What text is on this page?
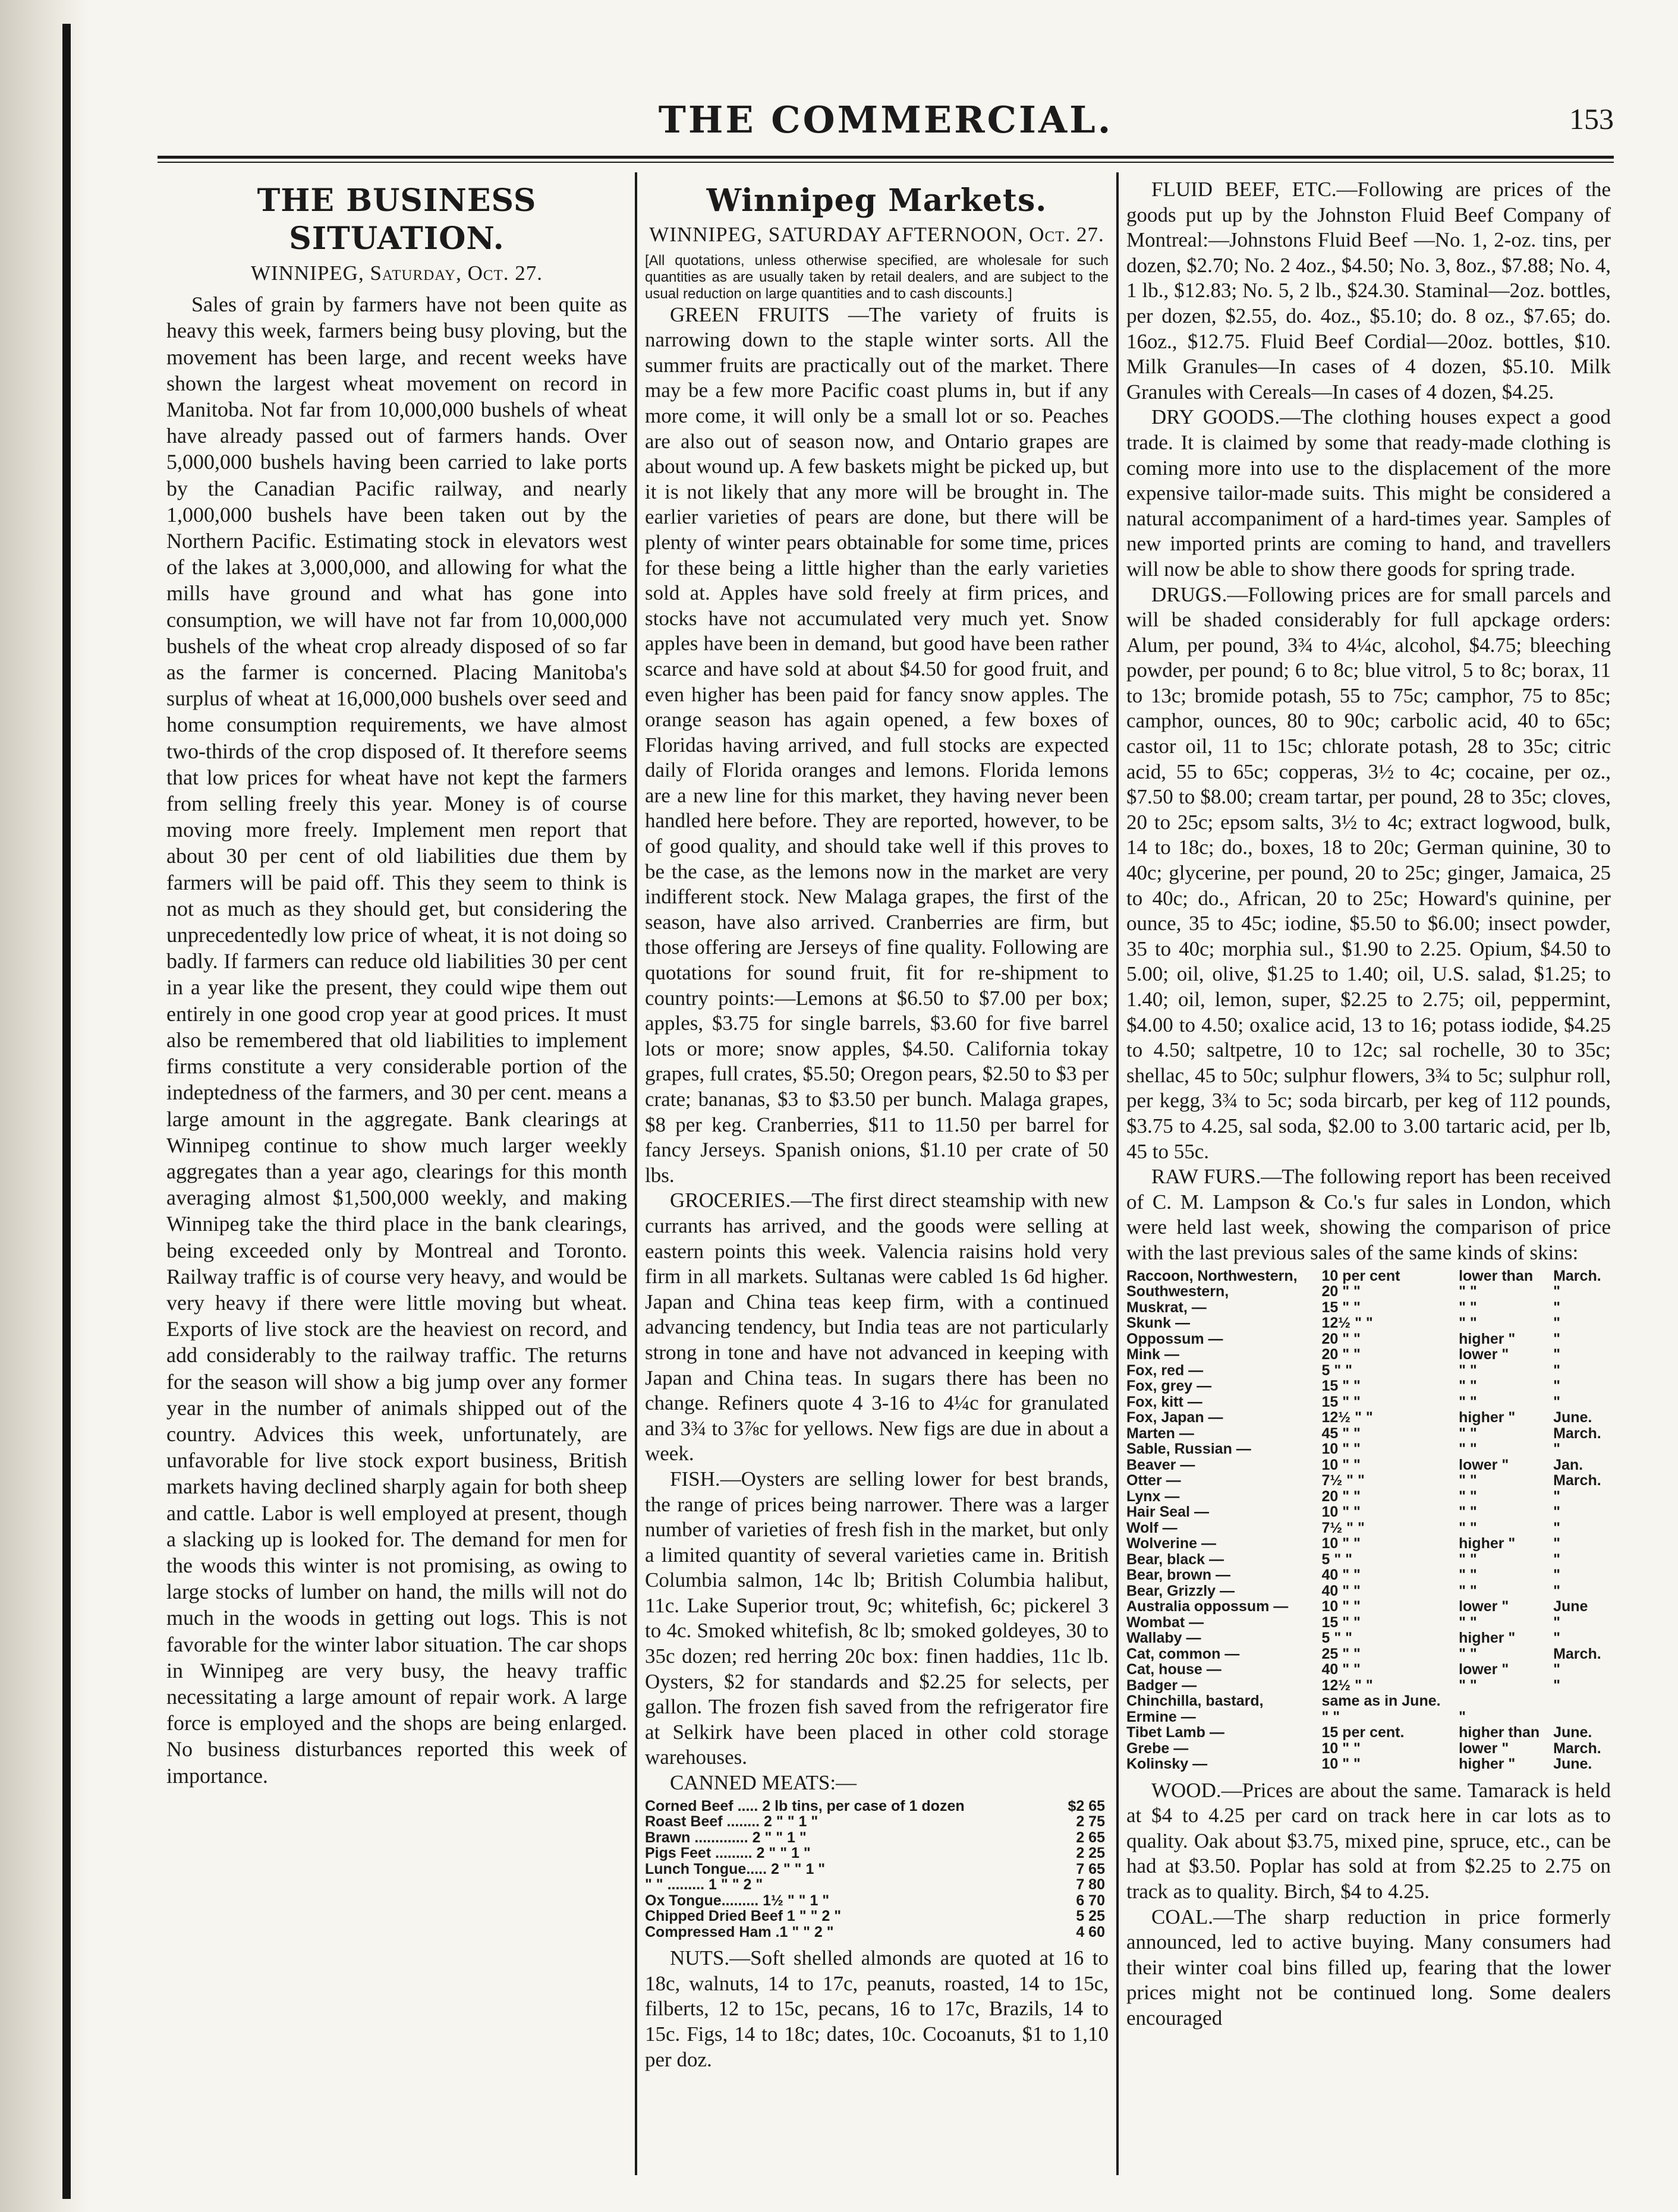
THE COMMERCIAL.	153
THE BUSINESS SITUATION.
WINNIPEG, Saturday, Oct. 27.

Sales of grain by farmers have not been quite as heavy this week, farmers being busy ploving, but the movement has been large, and recent weeks have shown the largest wheat movement on record in Manitoba. Not far from 10,000,000 bushels of wheat have already passed out of farmers hands. Over 5,000,000 bushels having been carried to lake ports by the Canadian Pacific railway, and nearly 1,000,000 bushels have been taken out by the Northern Pacific. Estimating stock in elevators west of the lakes at 3,000,000, and allowing for what the mills have ground and what has gone into consumption, we will have not far from 10,000,000 bushels of the wheat crop already disposed of so far as the farmer is concerned. Placing Manitoba's surplus of wheat at 16,000,000 bushels over seed and home consumption requirements, we have almost two-thirds of the crop disposed of. It therefore seems that low prices for wheat have not kept the farmers from selling freely this year. Money is of course moving more freely. Implement men report that about 30 per cent of old liabilities due them by farmers will be paid off. This they seem to think is not as much as they should get, but considering the unprecedentedly low price of wheat, it is not doing so badly. If farmers can reduce old liabilities 30 per cent in a year like the present, they could wipe them out entirely in one good crop year at good prices. It must also be remembered that old liabilities to implement firms constitute a very considerable portion of the indeptedness of the farmers, and 30 per cent. means a large amount in the aggregate. Bank clearings at Winnipeg continue to show much larger weekly aggregates than a year ago, clearings for this month averaging almost $1,500,000 weekly, and making Winnipeg take the third place in the bank clearings, being exceeded only by Montreal and Toronto. Railway traffic is of course very heavy, and would be very heavy if there were little moving but wheat. Exports of live stock are the heaviest on record, and add considerably to the railway traffic. The returns for the season will show a big jump over any former year in the number of animals shipped out of the country. Advices this week, unfortunately, are unfavorable for live stock export business, British markets having declined sharply again for both sheep and cattle. Labor is well employed at present, though a slacking up is looked for. The demand for men for the woods this winter is not promising, as owing to large stocks of lumber on hand, the mills will not do much in the woods in getting out logs. This is not favorable for the winter labor situation. The car shops in Winnipeg are very busy, the heavy traffic necessitating a large amount of repair work. A large force is employed and the shops are being enlarged. No business disturbances reported this week of importance.

Winnipeg Markets.
WINNIPEG, SATURDAY AFTERNOON, Oct. 27.

[All quotations, unless otherwise specified, are wholesale for such quantities as are usually taken by retail dealers, and are subject to the usual reduction on large quantities and to cash discounts.]

GREEN FRUITS —The variety of fruits is narrowing down to the staple winter sorts. All the summer fruits are practically out of the market. There may be a few more Pacific coast plums in, but if any more come, it will only be a small lot or so. Peaches are also out of season now, and Ontario grapes are about wound up. A few baskets might be picked up, but it is not likely that any more will be brought in. The earlier varieties of pears are done, but there will be plenty of winter pears obtainable for some time, prices for these being a little higher than the early varieties sold at. Apples have sold freely at firm prices, and stocks have not accumulated very much yet. Snow apples have been in demand, but good have been rather scarce and have sold at about $4.50 for good fruit, and even higher has been paid for fancy snow apples. The orange season has again opened, a few boxes of Floridas having arrived, and full stocks are expected daily of Florida oranges and lemons. Florida lemons are a new line for this market, they having never been handled here before. They are reported, however, to be of good quality, and should take well if this proves to be the case, as the lemons now in the market are very indifferent stock. New Malaga grapes, the first of the season, have also arrived. Cranberries are firm, but those offering are Jerseys of fine quality. Following are quotations for sound fruit, fit for re-shipment to country points:—Lemons at $6.50 to $7.00 per box; apples, $3.75 for single barrels, $3.60 for five barrel lots or more; snow apples, $4.50. California tokay grapes, full crates, $5.50; Oregon pears, $2.50 to $3 per crate; bananas, $3 to $3.50 per bunch. Malaga grapes, $8 per keg. Cranberries, $11 to 11.50 per barrel for fancy Jerseys. Spanish onions, $1.10 per crate of 50 lbs.

GROCERIES.—The first direct steamship with new currants has arrived, and the goods were selling at eastern points this week. Valencia raisins hold very firm in all markets. Sultanas were cabled 1s 6d higher. Japan and China teas keep firm, with a continued advancing tendency, but India teas are not particularly strong in tone and have not advanced in keeping with Japan and China teas. In sugars there has been no change. Refiners quote 4 3-16 to 4¼c for granulated and 3¾ to 3⅞c for yellows. New figs are due in about a week.

FISH.—Oysters are selling lower for best brands, the range of prices being narrower. There was a larger number of varieties of fresh fish in the market, but only a limited quantity of several varieties came in. British Columbia salmon, 14c lb; British Columbia halibut, 11c. Lake Superior trout, 9c; whitefish, 6c; pickerel 3 to 4c. Smoked whitefish, 8c lb; smoked goldeyes, 30 to 35c dozen; red herring 20c box: finen haddies, 11c lb. Oysters, $2 for standards and $2.25 for selects, per gallon. The frozen fish saved from the refrigerator fire at Selkirk have been placed in other cold storage warehouses.

CANNED MEATS:—

Corned Beef ..... 2 lb tins, per case of 1 dozen	$2 65
Roast Beef ........ 2 " " 1 "	2 75
Brawn ............. 2 " " 1 "	2 65
Pigs Feet ......... 2 " " 1 "	2 25
Lunch Tongue..... 2 " " 1 "	7 65
" " ......... 1 " " 2 "	7 80
Ox Tongue......... 1½ " " 1 "	6 70
Chipped Dried Beef 1 " " 2 "	5 25
Compressed Ham .1 " " 2 "	4 60

NUTS.—Soft shelled almonds are quoted at 16 to 18c, walnuts, 14 to 17c, peanuts, roasted, 14 to 15c, filberts, 12 to 15c, pecans, 16 to 17c, Brazils, 14 to 15c. Figs, 14 to 18c; dates, 10c. Cocoanuts, $1 to 1,10 per doz.

FLUID BEEF, ETC.—Following are prices of the goods put up by the Johnston Fluid Beef Company of Montreal:—Johnstons Fluid Beef —No. 1, 2-oz. tins, per dozen, $2.70; No. 2 4oz., $4.50; No. 3, 8oz., $7.88; No. 4, 1 lb., $12.83; No. 5, 2 lb., $24.30. Staminal—2oz. bottles, per dozen, $2.55, do. 4oz., $5.10; do. 8 oz., $7.65; do. 16oz., $12.75. Fluid Beef Cordial—20oz. bottles, $10. Milk Granules—In cases of 4 dozen, $5.10. Milk Granules with Cereals—In cases of 4 dozen, $4.25.

DRY GOODS.—The clothing houses expect a good trade. It is claimed by some that ready-made clothing is coming more into use to the displacement of the more expensive tailor-made suits. This might be considered a natural accompaniment of a hard-times year. Samples of new imported prints are coming to hand, and travellers will now be able to show there goods for spring trade.

DRUGS.—Following prices are for small parcels and will be shaded considerably for full apckage orders: Alum, per pound, 3¾ to 4¼c, alcohol, $4.75; bleeching powder, per pound; 6 to 8c; blue vitrol, 5 to 8c; borax, 11 to 13c; bromide potash, 55 to 75c; camphor, 75 to 85c; camphor, ounces, 80 to 90c; carbolic acid, 40 to 65c; castor oil, 11 to 15c; chlorate potash, 28 to 35c; citric acid, 55 to 65c; copperas, 3½ to 4c; cocaine, per oz., $7.50 to $8.00; cream tartar, per pound, 28 to 35c; cloves, 20 to 25c; epsom salts, 3½ to 4c; extract logwood, bulk, 14 to 18c; do., boxes, 18 to 20c; German quinine, 30 to 40c; glycerine, per pound, 20 to 25c; ginger, Jamaica, 25 to 40c; do., African, 20 to 25c; Howard's quinine, per ounce, 35 to 45c; iodine, $5.50 to $6.00; insect powder, 35 to 40c; morphia sul., $1.90 to 2.25. Opium, $4.50 to 5.00; oil, olive, $1.25 to 1.40; oil, U.S. salad, $1.25; to 1.40; oil, lemon, super, $2.25 to 2.75; oil, peppermint, $4.00 to 4.50; oxalice acid, 13 to 16; potass iodide, $4.25 to 4.50; saltpetre, 10 to 12c; sal rochelle, 30 to 35c; shellac, 45 to 50c; sulphur flowers, 3¾ to 5c; sulphur roll, per kegg, 3¾ to 5c; soda bircarb, per keg of 112 pounds, $3.75 to 4.25, sal soda, $2.00 to 3.00 tartaric acid, per lb, 45 to 55c.

RAW FURS.—The following report has been received of C. M. Lampson & Co.'s fur sales in London, which were held last week, showing the comparison of price with the last previous sales of the same kinds of skins:

Raccoon, Northwestern,	10 per cent	lower than	March.
Southwestern,	20 " "	" "	"
Muskrat, —	15 " "	" "	"
Skunk —	12½ " "	" "	"
Oppossum —	20 " "	higher "	"
Mink —	20 " "	lower "	"
Fox, red —	5 " "	" "	"
Fox, grey —	15 " "	" "	"
Fox, kitt —	15 " "	" "	"
Fox, Japan —	12½ " "	higher "	June.
Marten —	45 " "	" "	March.
Sable, Russian —	10 " "	" "	"
Beaver —	10 " "	lower "	Jan.
Otter —	7½ " "	" "	March.
Lynx —	20 " "	" "	"
Hair Seal —	10 " "	" "	"
Wolf —	7½ " "	" "	"
Wolverine —	10 " "	higher "	"
Bear, black —	5 " "	" "	"
Bear, brown —	40 " "	" "	"
Bear, Grizzly —	40 " "	" "	"
Australia oppossum —	10 " "	lower "	June
Wombat —	15 " "	" "	"
Wallaby —	5 " "	higher "	"
Cat, common —	25 " "	" "	March.
Cat, house —	40 " "	lower "	"
Badger —	12½ " "	" "	"
Chinchilla, bastard,	same as in June.		
Ermine —	" "	"	
Tibet Lamb —	15 per cent.	higher than	June.
Grebe —	10 " "	lower "	March.
Kolinsky —	10 " "	higher "	June.

WOOD.—Prices are about the same. Tamarack is held at $4 to 4.25 per card on track here in car lots as to quality. Oak about $3.75, mixed pine, spruce, etc., can be had at $3.50. Poplar has sold at from $2.25 to 2.75 on track as to quality. Birch, $4 to 4.25.

COAL.—The sharp reduction in price formerly announced, led to active buying. Many consumers had their winter coal bins filled up, fearing that the lower prices might not be continued long. Some dealers encouraged
